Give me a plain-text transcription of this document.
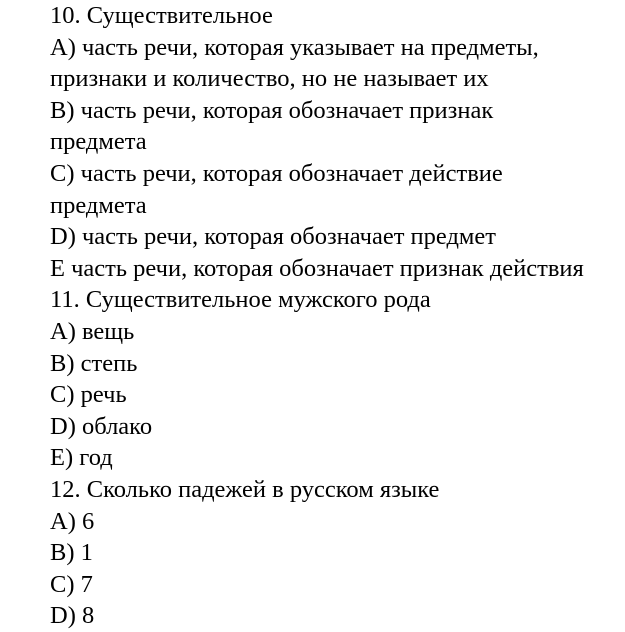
10. Существительное
A) часть речи, которая указывает на предметы,
признаки и количество, но не называет их
B) часть речи, которая обозначает признак
предмета
C) часть речи, которая обозначает действие
предмета
D) часть речи, которая обозначает предмет
E часть речи, которая обозначает признак действия
11. Существительное мужского рода
A) вещь
B) степь
C) речь
D) облако
E) год
12. Сколько падежей в русском языке
A) 6
B) 1
C) 7
D) 8
